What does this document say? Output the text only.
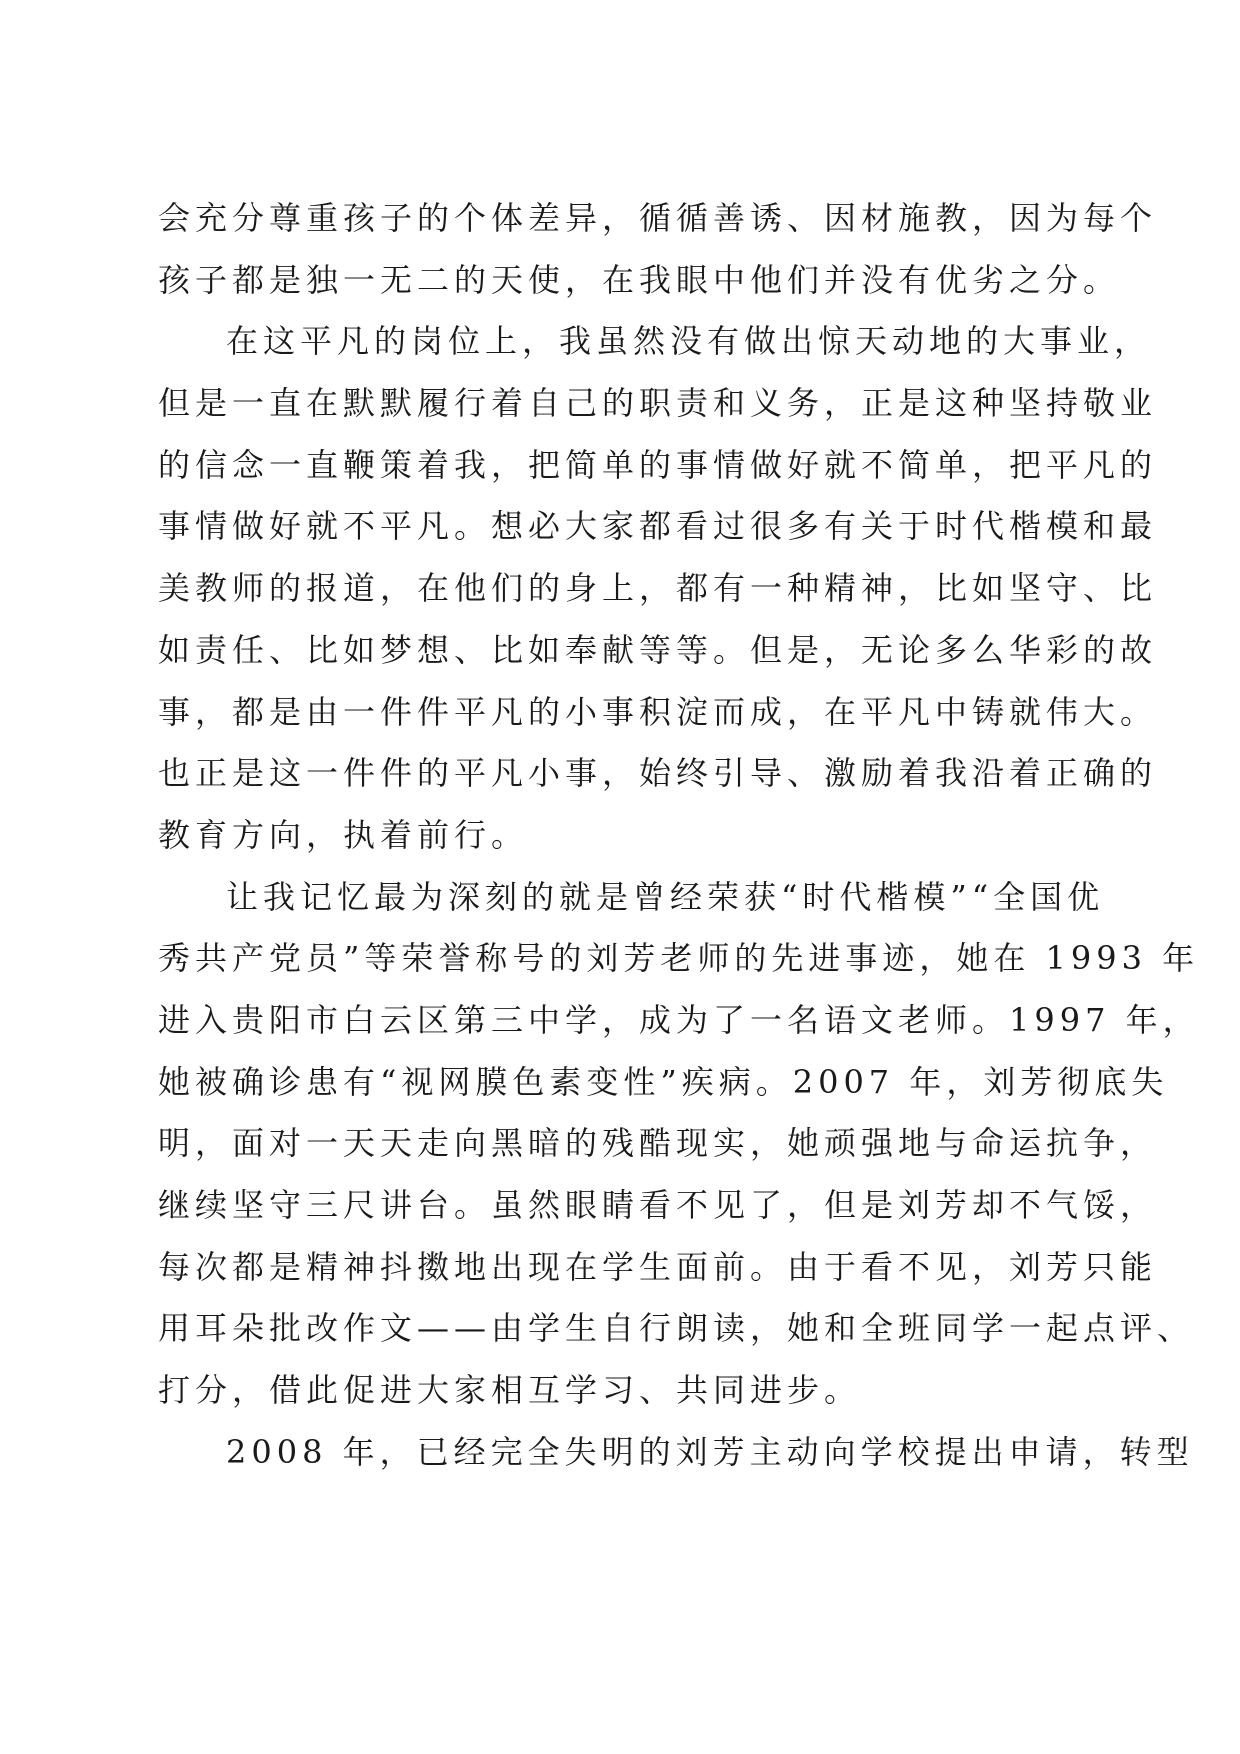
会充分尊重孩子的个体差异，循循善诱、因材施教，因为每个
孩子都是独一无二的天使，在我眼中他们并没有优劣之分。
在这平凡的岗位上，我虽然没有做出惊天动地的大事业，
但是一直在默默履行着自己的职责和义务，正是这种坚持敬业
的信念一直鞭策着我，把简单的事情做好就不简单，把平凡的
事情做好就不平凡。想必大家都看过很多有关于时代楷模和最
美教师的报道，在他们的身上，都有一种精神，比如坚守、比
如责任、比如梦想、比如奉献等等。但是，无论多么华彩的故
事，都是由一件件平凡的小事积淀而成，在平凡中铸就伟大。
也正是这一件件的平凡小事，始终引导、激励着我沿着正确的
教育方向，执着前行。
让我记忆最为深刻的就是曾经荣获“时代楷模”“全国优
秀共产党员”等荣誉称号的刘芳老师的先进事迹，她在 1993 年
进入贵阳市白云区第三中学，成为了一名语文老师。1997 年，
她被确诊患有“视网膜色素变性”疾病。2007 年，刘芳彻底失
明，面对一天天走向黑暗的残酷现实，她顽强地与命运抗争，
继续坚守三尺讲台。虽然眼睛看不见了，但是刘芳却不气馁，
每次都是精神抖擞地出现在学生面前。由于看不见，刘芳只能
用耳朵批改作文——由学生自行朗读，她和全班同学一起点评、
打分，借此促进大家相互学习、共同进步。
2008 年，已经完全失明的刘芳主动向学校提出申请，转型
